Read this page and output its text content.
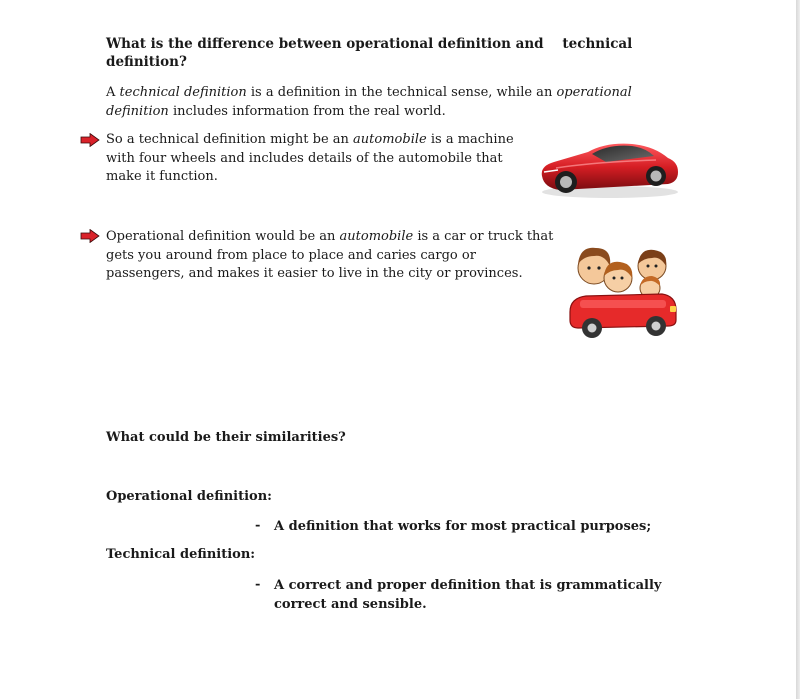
What is the difference between operational definition and    technical
definition?
A technical definition is a definition in the technical sense, while an operational
definition includes information from the real world.
So a technical definition might be an automobile is a machine with four wheels and includes details of the automobile that make it function.
Operational definition would be an automobile is a car or truck that gets you around from place to place and caries cargo or passengers, and makes it easier to live in the city or provinces.
What could be their similarities?
Operational definition:
- A definition that works for most practical purposes;
Technical definition:
- A correct and proper definition that is grammatically correct and sensible.
